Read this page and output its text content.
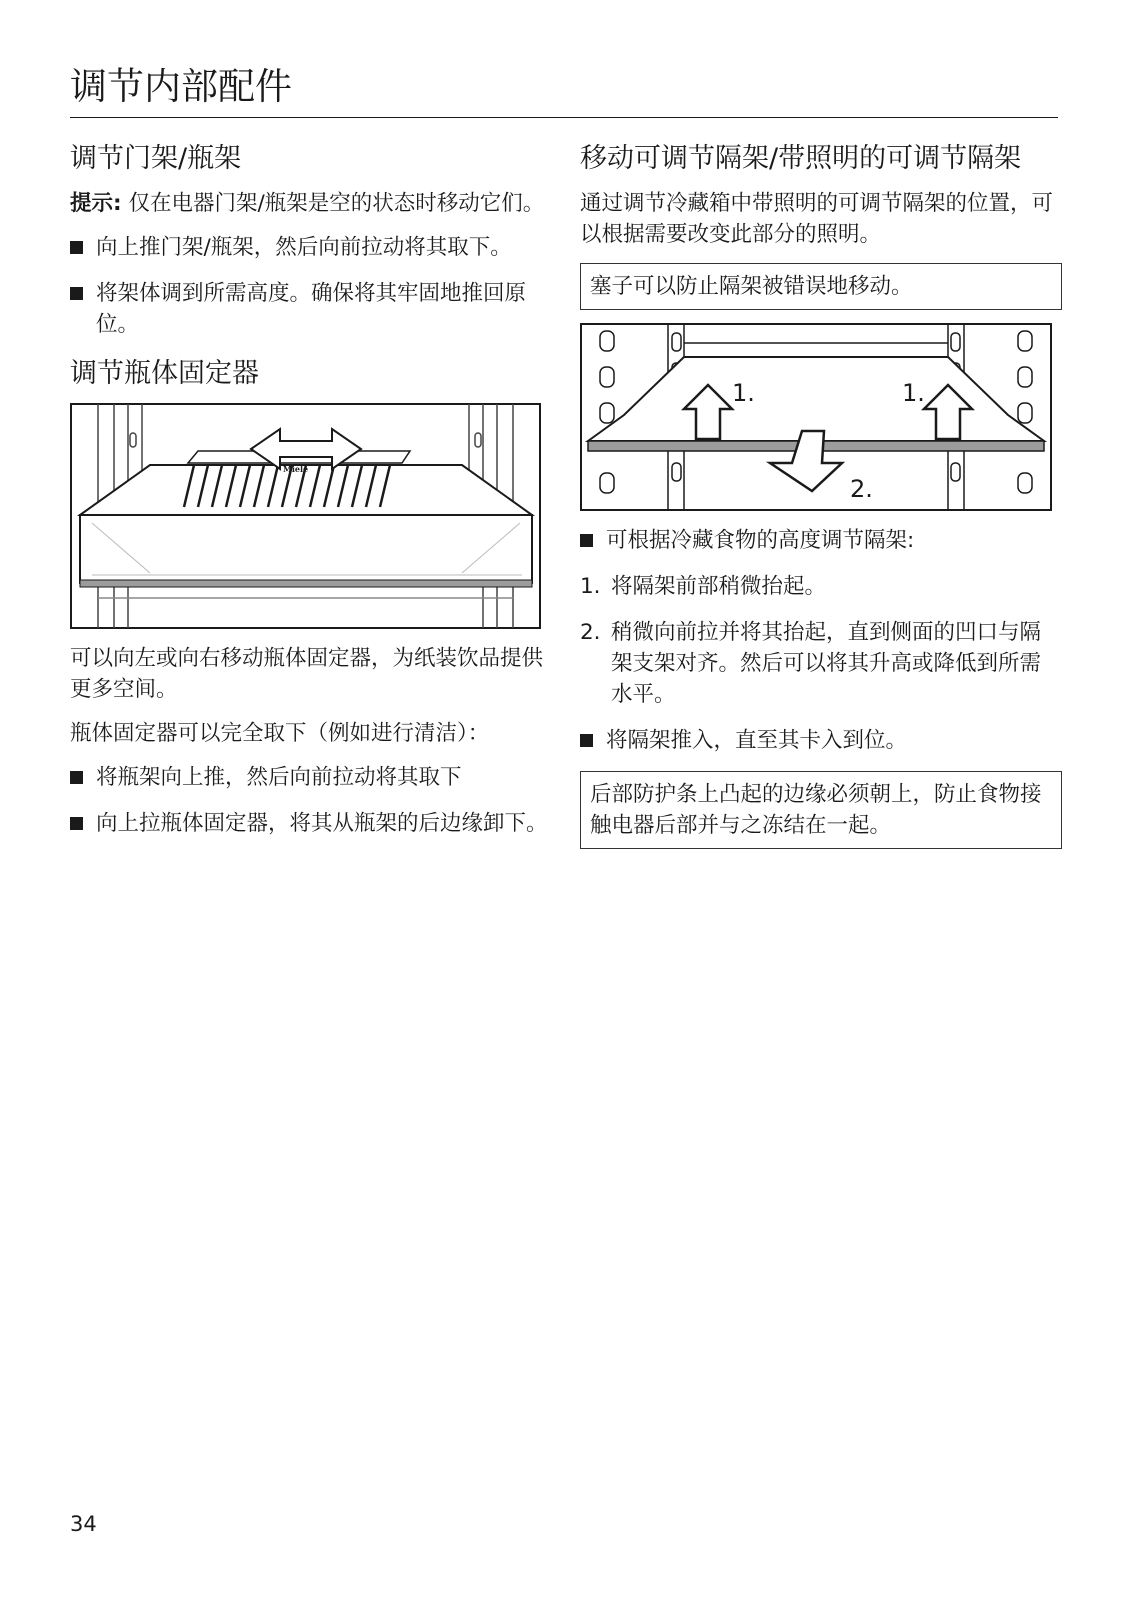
调节内部配件
调节门架/瓶架

提示: 仅在电器门架/瓶架是空的状态时移动它们。

向上推门架/瓶架，然后向前拉动将其取下。
将架体调到所需高度。确保将其牢固地推回原位。
调节瓶体固定器
Miele

可以向左或向右移动瓶体固定器，为纸装饮品提供更多空间。

瓶体固定器可以完全取下（例如进行清洁）：

将瓶架向上推，然后向前拉动将其取下
向上拉瓶体固定器，将其从瓶架的后边缘卸下。
移动可调节隔架/带照明的可调节隔架

通过调节冷藏箱中带照明的可调节隔架的位置，可以根据需要改变此部分的照明。

塞子可以防止隔架被错误地移动。
1.	1.
2.
可根据冷藏食物的高度调节隔架:
1. 将隔架前部稍微抬起。
2. 稍微向前拉并将其抬起，直到侧面的凹口与隔架支架对齐。然后可以将其升高或降低到所需水平。
将隔架推入，直至其卡入到位。
后部防护条上凸起的边缘必须朝上，防止食物接触电器后部并与之冻结在一起。
34
